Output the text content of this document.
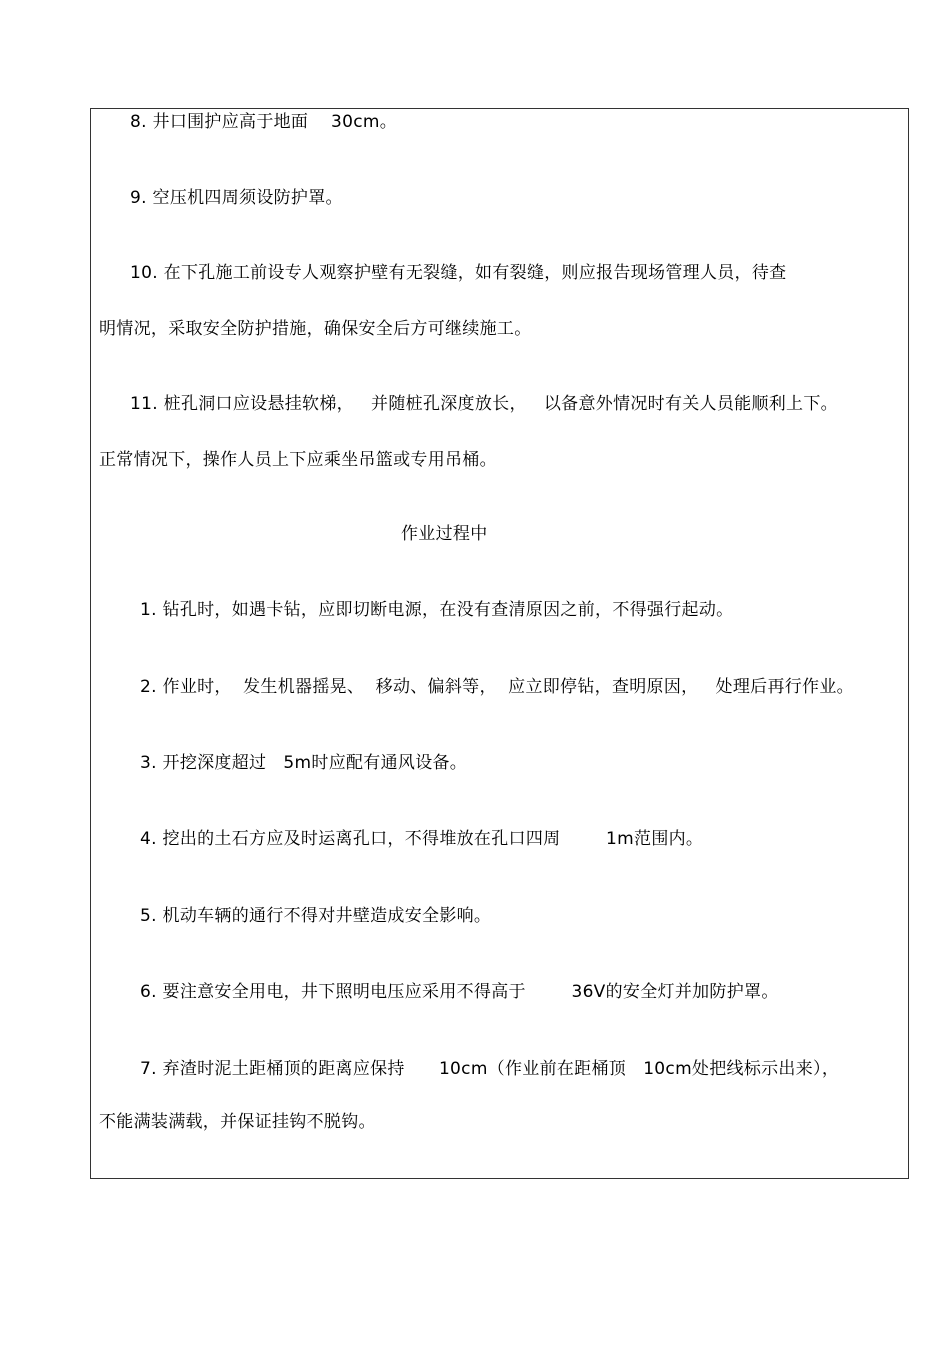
8. 井口围护应高于地面    30cm。
9. 空压机四周须设防护罩。
10. 在下孔施工前设专人观察护壁有无裂缝，如有裂缝，则应报告现场管理人员，待查
明情况，采取安全防护措施，确保安全后方可继续施工。
11. 桩孔洞口应设悬挂软梯，   并随桩孔深度放长，   以备意外情况时有关人员能顺利上下。
正常情况下，操作人员上下应乘坐吊篮或专用吊桶。
作业过程中
1. 钻孔时，如遇卡钻，应即切断电源，在没有查清原因之前，不得强行起动。
2. 作业时，  发生机器摇晃、  移动、偏斜等，  应立即停钻，查明原因，   处理后再行作业。
3. 开挖深度超过   5m时应配有通风设备。
4. 挖出的土石方应及时运离孔口，不得堆放在孔口四周        1m范围内。
5. 机动车辆的通行不得对井壁造成安全影响。
6. 要注意安全用电，井下照明电压应采用不得高于        36V的安全灯并加防护罩。
7. 弃渣时泥土距桶顶的距离应保持      10cm（作业前在距桶顶   10cm处把线标示出来），
不能满装满载，并保证挂钩不脱钩。
